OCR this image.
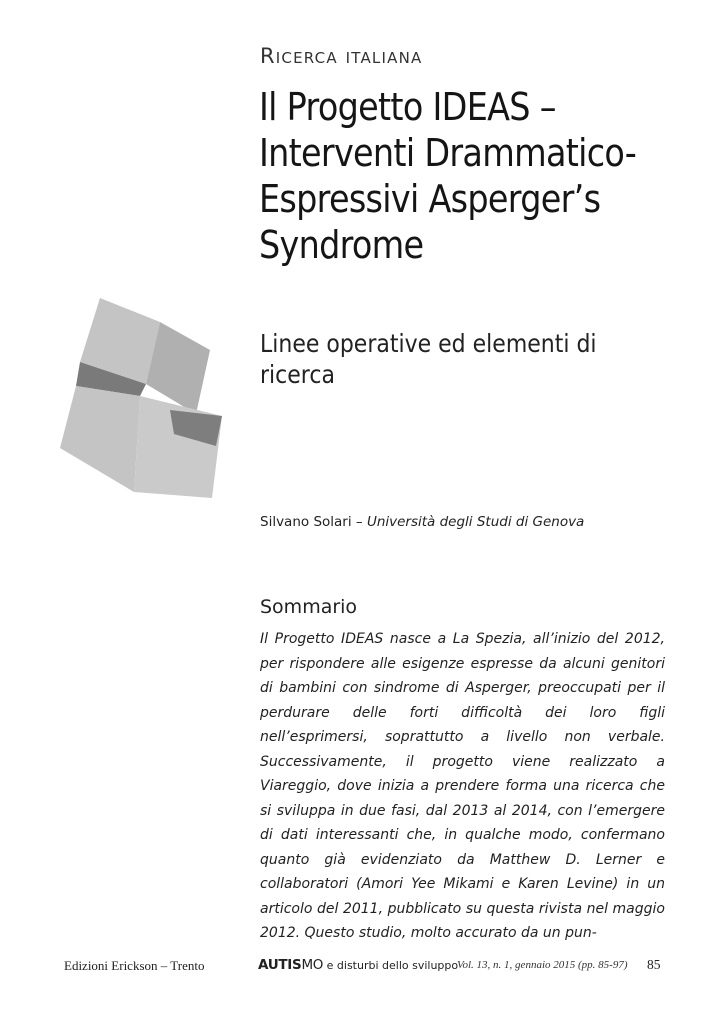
Ricerca italiana
Il Progetto IDEAS – Interventi Drammatico-Espressivi Asperger’s Syndrome
Linee operative ed elementi di ricerca
Silvano Solari – Università degli Studi di Genova
Sommario

Il Progetto IDEAS nasce a La Spezia, all’inizio del 2012, per rispondere alle esigenze espresse da alcuni genitori di bambini con sindrome di Asperger, preoccupati per il perdurare delle forti difficoltà dei loro figli nell’esprimersi, soprattutto a livello non verbale. Successivamente, il progetto viene realizzato a Viareggio, dove inizia a prendere forma una ricerca che si sviluppa in due fasi, dal 2013 al 2014, con l’emergere di dati interessanti che, in qualche modo, confermano quanto già evidenziato da Matthew D. Lerner e collaboratori (Amori Yee Mikami e Karen Levine) in un articolo del 2011, pubblicato su questa rivista nel maggio 2012. Questo studio, molto accurato da un pun-

Edizioni Erickson – Trento	AUTISMO e disturbi dello sviluppo
Vol. 13, n. 1, gennaio 2015 (pp. 85-97) 85
